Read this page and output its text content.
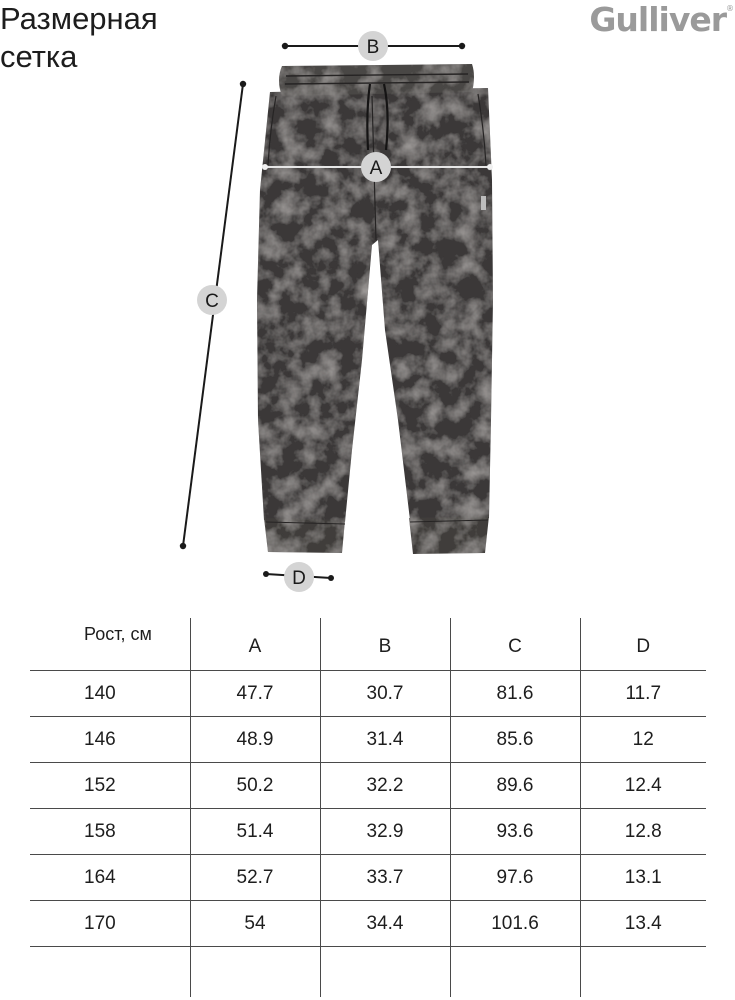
Размерная
сетка
Gulliver®
B
A
C
D
Рост, см	A	B	C	D
140	47.7	30.7	81.6	11.7
146	48.9	31.4	85.6	12
152	50.2	32.2	89.6	12.4
158	51.4	32.9	93.6	12.8
164	52.7	33.7	97.6	13.1
170	54	34.4	101.6	13.4
